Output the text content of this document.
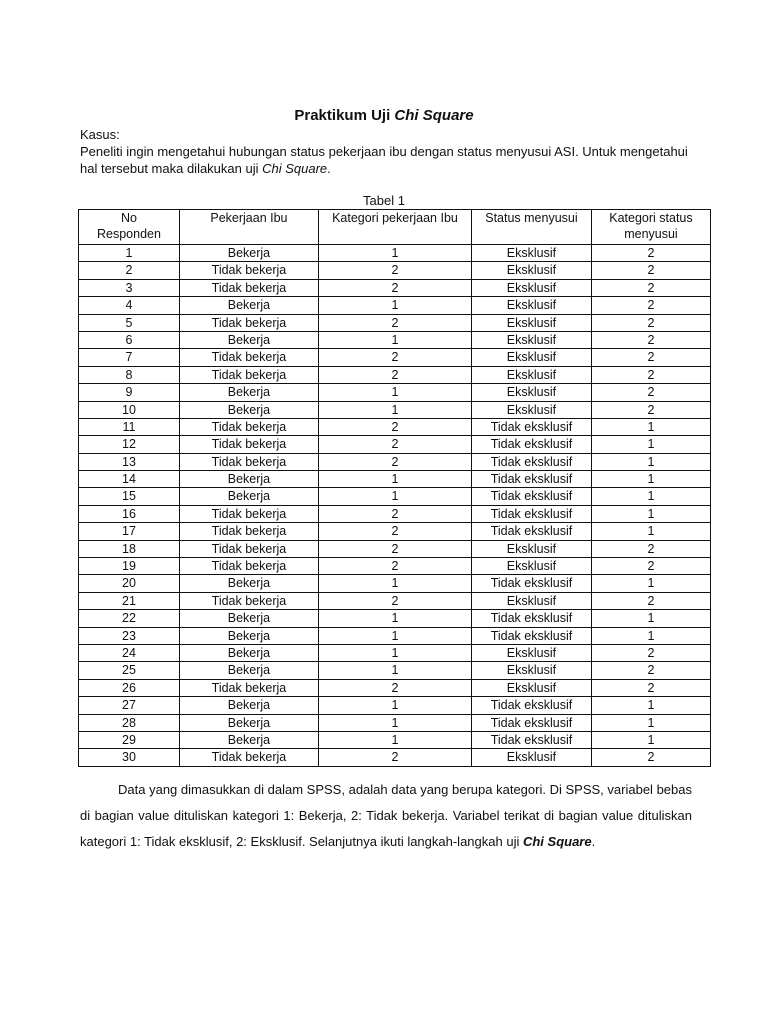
Praktikum Uji Chi Square
Kasus:
Peneliti ingin mengetahui hubungan status pekerjaan ibu dengan status menyusui ASI. Untuk mengetahui hal tersebut maka dilakukan uji Chi Square.
Tabel 1
No Responden	Pekerjaan Ibu	Kategori pekerjaan Ibu	Status menyusui	Kategori status menyusui
1	Bekerja	1	Eksklusif	2
2	Tidak bekerja	2	Eksklusif	2
3	Tidak bekerja	2	Eksklusif	2
4	Bekerja	1	Eksklusif	2
5	Tidak bekerja	2	Eksklusif	2
6	Bekerja	1	Eksklusif	2
7	Tidak bekerja	2	Eksklusif	2
8	Tidak bekerja	2	Eksklusif	2
9	Bekerja	1	Eksklusif	2
10	Bekerja	1	Eksklusif	2
11	Tidak bekerja	2	Tidak eksklusif	1
12	Tidak bekerja	2	Tidak eksklusif	1
13	Tidak bekerja	2	Tidak eksklusif	1
14	Bekerja	1	Tidak eksklusif	1
15	Bekerja	1	Tidak eksklusif	1
16	Tidak bekerja	2	Tidak eksklusif	1
17	Tidak bekerja	2	Tidak eksklusif	1
18	Tidak bekerja	2	Eksklusif	2
19	Tidak bekerja	2	Eksklusif	2
20	Bekerja	1	Tidak eksklusif	1
21	Tidak bekerja	2	Eksklusif	2
22	Bekerja	1	Tidak eksklusif	1
23	Bekerja	1	Tidak eksklusif	1
24	Bekerja	1	Eksklusif	2
25	Bekerja	1	Eksklusif	2
26	Tidak bekerja	2	Eksklusif	2
27	Bekerja	1	Tidak eksklusif	1
28	Bekerja	1	Tidak eksklusif	1
29	Bekerja	1	Tidak eksklusif	1
30	Tidak bekerja	2	Eksklusif	2
Data yang dimasukkan di dalam SPSS, adalah data yang berupa kategori. Di SPSS, variabel bebas di bagian value dituliskan kategori 1: Bekerja, 2: Tidak bekerja. Variabel terikat di bagian value dituliskan kategori 1: Tidak eksklusif, 2: Eksklusif. Selanjutnya ikuti langkah-langkah uji Chi Square.
